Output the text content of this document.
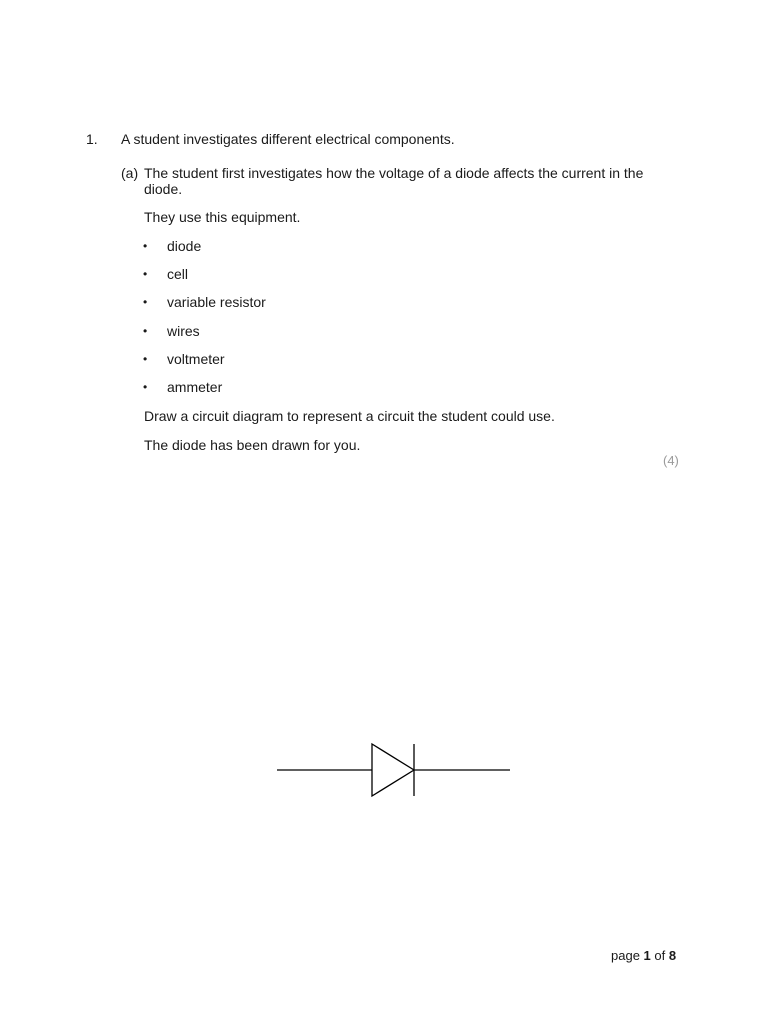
1. A student investigates different electrical components.
(a) The student first investigates how the voltage of a diode affects the current in the diode.
They use this equipment.
• diode
• cell
• variable resistor
• wires
• voltmeter
• ammeter
Draw a circuit diagram to represent a circuit the student could use.
The diode has been drawn for you.
(4)
page 1 of 8
